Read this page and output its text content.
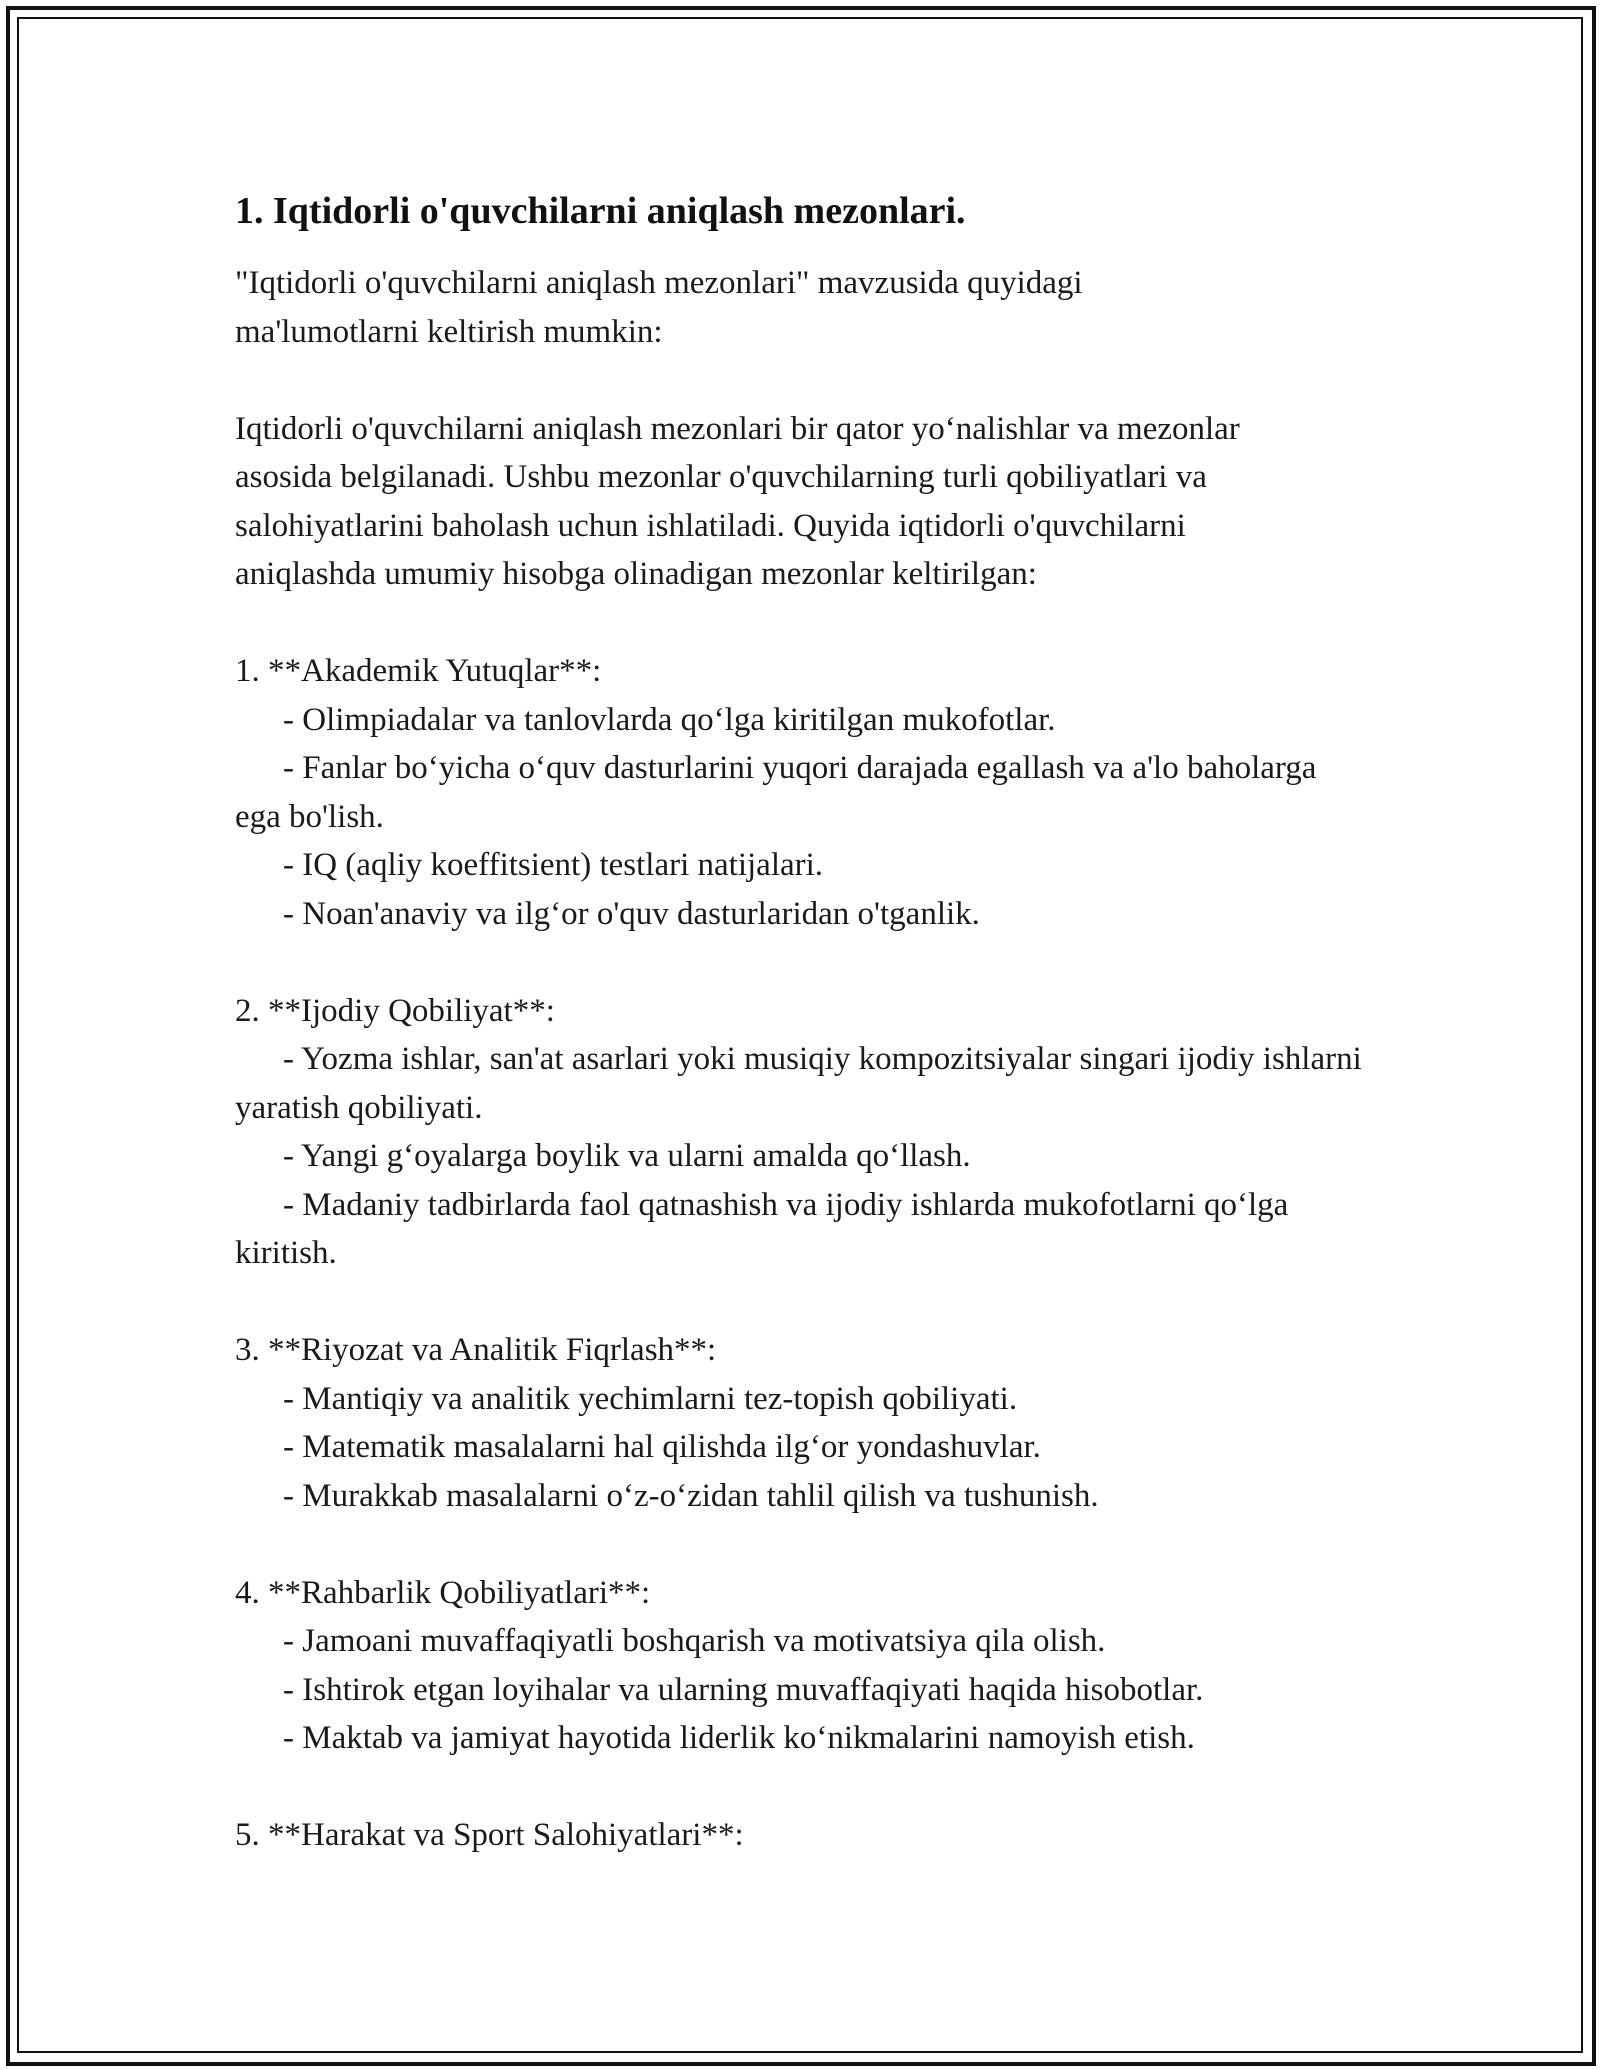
1. Iqtidorli o'quvchilarni aniqlash mezonlari.

"Iqtidorli o'quvchilarni aniqlash mezonlari" mavzusida quyidagi
ma'lumotlarni keltirish mumkin:

Iqtidorli o'quvchilarni aniqlash mezonlari bir qator yo‘nalishlar va mezonlar
asosida belgilanadi. Ushbu mezonlar o'quvchilarning turli qobiliyatlari va
salohiyatlarini baholash uchun ishlatiladi. Quyida iqtidorli o'quvchilarni
aniqlashda umumiy hisobga olinadigan mezonlar keltirilgan:

1. **Akademik Yutuqlar**:

- Olimpiadalar va tanlovlarda qo‘lga kiritilgan mukofotlar.

- Fanlar bo‘yicha o‘quv dasturlarini yuqori darajada egallash va a'lo baholarga ega bo'lish.

- IQ (aqliy koeffitsient) testlari natijalari.

- Noan'anaviy va ilg‘or o'quv dasturlaridan o'tganlik.

2. **Ijodiy Qobiliyat**:

- Yozma ishlar, san'at asarlari yoki musiqiy kompozitsiyalar singari ijodiy ishlarni yaratish qobiliyati.

- Yangi g‘oyalarga boylik va ularni amalda qo‘llash.

- Madaniy tadbirlarda faol qatnashish va ijodiy ishlarda mukofotlarni qo‘lga kiritish.

3. **Riyozat va Analitik Fiqrlash**:

- Mantiqiy va analitik yechimlarni tez-topish qobiliyati.

- Matematik masalalarni hal qilishda ilg‘or yondashuvlar.

- Murakkab masalalarni o‘z-o‘zidan tahlil qilish va tushunish.

4. **Rahbarlik Qobiliyatlari**:

- Jamoani muvaffaqiyatli boshqarish va motivatsiya qila olish.

- Ishtirok etgan loyihalar va ularning muvaffaqiyati haqida hisobotlar.

- Maktab va jamiyat hayotida liderlik ko‘nikmalarini namoyish etish.

5. **Harakat va Sport Salohiyatlari**:
